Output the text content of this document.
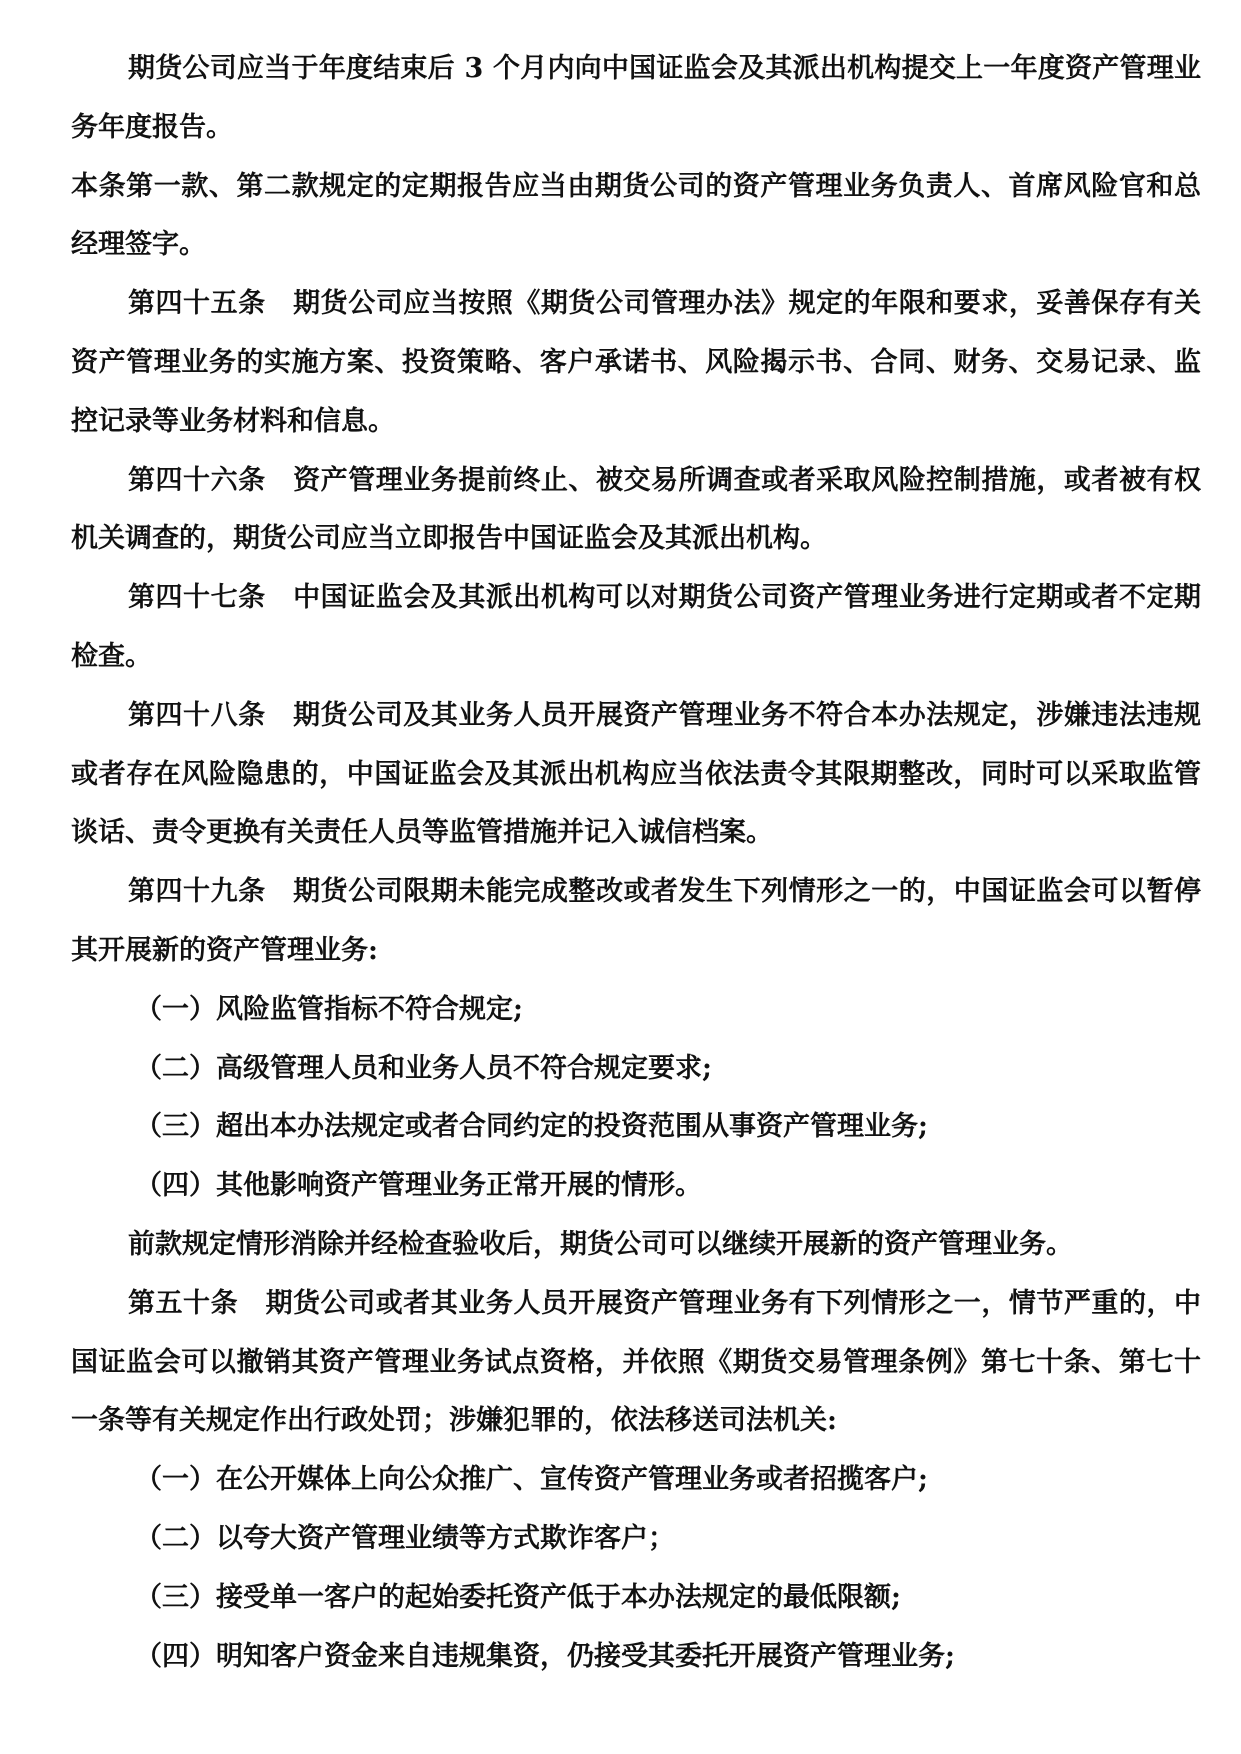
期货公司应当于年度结束后 3 个月内向中国证监会及其派出机构提交上一年度资产管理业务年度报告。

本条第一款、第二款规定的定期报告应当由期货公司的资产管理业务负责人、首席风险官和总经理签字。

第四十五条　期货公司应当按照《期货公司管理办法》规定的年限和要求，妥善保存有关资产管理业务的实施方案、投资策略、客户承诺书、风险揭示书、合同、财务、交易记录、监控记录等业务材料和信息。

第四十六条　资产管理业务提前终止、被交易所调查或者采取风险控制措施，或者被有权机关调查的，期货公司应当立即报告中国证监会及其派出机构。

第四十七条　中国证监会及其派出机构可以对期货公司资产管理业务进行定期或者不定期检查。

第四十八条　期货公司及其业务人员开展资产管理业务不符合本办法规定，涉嫌违法违规或者存在风险隐患的，中国证监会及其派出机构应当依法责令其限期整改，同时可以采取监管谈话、责令更换有关责任人员等监管措施并记入诚信档案。

第四十九条　期货公司限期未能完成整改或者发生下列情形之一的，中国证监会可以暂停其开展新的资产管理业务:

（一）风险监管指标不符合规定;

（二）高级管理人员和业务人员不符合规定要求;

（三）超出本办法规定或者合同约定的投资范围从事资产管理业务;

（四）其他影响资产管理业务正常开展的情形。

前款规定情形消除并经检查验收后，期货公司可以继续开展新的资产管理业务。

第五十条　期货公司或者其业务人员开展资产管理业务有下列情形之一，情节严重的，中国证监会可以撤销其资产管理业务试点资格，并依照《期货交易管理条例》第七十条、第七十一条等有关规定作出行政处罚；涉嫌犯罪的，依法移送司法机关:

（一）在公开媒体上向公众推广、宣传资产管理业务或者招揽客户;

（二）以夸大资产管理业绩等方式欺诈客户；

（三）接受单一客户的起始委托资产低于本办法规定的最低限额;

（四）明知客户资金来自违规集资，仍接受其委托开展资产管理业务;
